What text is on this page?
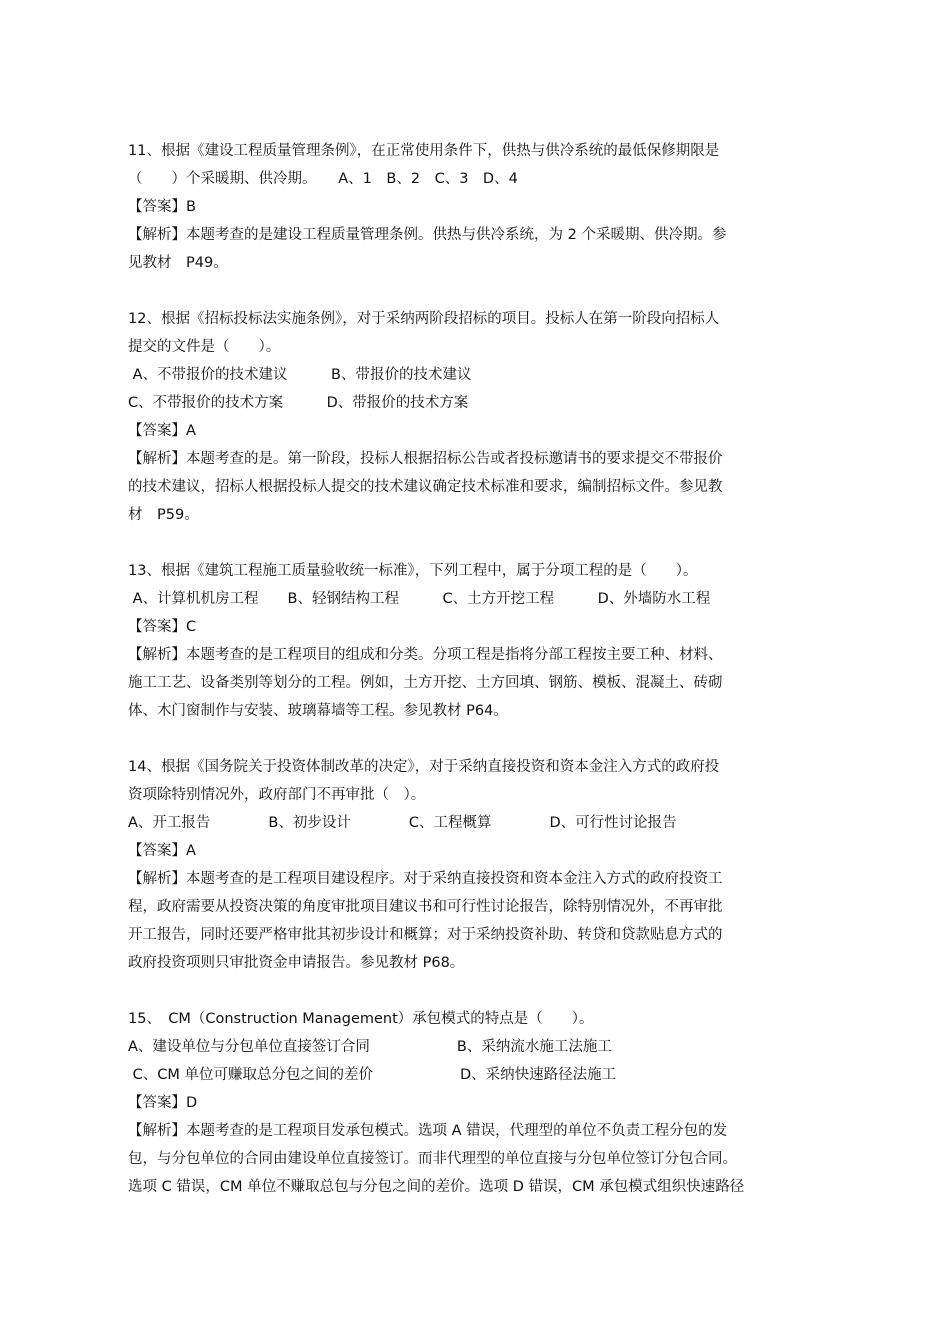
11、根据《建设工程质量管理条例》，在正常使用条件下，供热与供冷系统的最低保修期限是
（　　）个采暖期、供冷期。　　A、1　B、2　C、3　D、4
【答案】B
【解析】本题考查的是建设工程质量管理条例。供热与供冷系统，为 2 个采暖期、供冷期。参
见教材　P49。
12、根据《招标投标法实施条例》，对于采纳两阶段招标的项目。投标人在第一阶段向招标人
提交的文件是（　　）。
A、不带报价的技术建议　　　B、带报价的技术建议
C、不带报价的技术方案　　　D、带报价的技术方案
【答案】A
【解析】本题考查的是。第一阶段，投标人根据招标公告或者投标邀请书的要求提交不带报价
的技术建议，招标人根据投标人提交的技术建议确定技术标准和要求，编制招标文件。参见教
材　P59。
13、根据《建筑工程施工质量验收统一标准》，下列工程中，属于分项工程的是（　　）。
A、计算机机房工程　　B、轻钢结构工程　　　C、土方开挖工程　　　D、外墙防水工程
【答案】C
【解析】本题考查的是工程项目的组成和分类。分项工程是指将分部工程按主要工种、材料、
施工工艺、设备类别等划分的工程。例如，土方开挖、土方回填、钢筋、模板、混凝土、砖砌
体、木门窗制作与安装、玻璃幕墙等工程。参见教材 P64。
14、根据《国务院关于投资体制改革的决定》，对于采纳直接投资和资本金注入方式的政府投
资项除特别情况外，政府部门不再审批（　）。
A、开工报告　　　　B、初步设计　　　　C、工程概算　　　　D、可行性讨论报告
【答案】A
【解析】本题考查的是工程项目建设程序。对于采纳直接投资和资本金注入方式的政府投资工
程，政府需要从投资决策的角度审批项目建议书和可行性讨论报告，除特别情况外，不再审批
开工报告，同时还要严格审批其初步设计和概算；对于采纳投资补助、转贷和贷款贴息方式的
政府投资项则只审批资金申请报告。参见教材 P68。
15、　CM（Construction Management）承包模式的特点是（　　）。
A、建设单位与分包单位直接签订合同　　　　　　B、采纳流水施工法施工
C、CM 单位可赚取总分包之间的差价　　　　　　D、采纳快速路径法施工
【答案】D
【解析】本题考查的是工程项目发承包模式。选项 A 错误，代理型的单位不负责工程分包的发
包，与分包单位的合同由建设单位直接签订。而非代理型的单位直接与分包单位签订分包合同。
选项 C 错误，CM 单位不赚取总包与分包之间的差价。选项 D 错误，CM 承包模式组织快速路径
